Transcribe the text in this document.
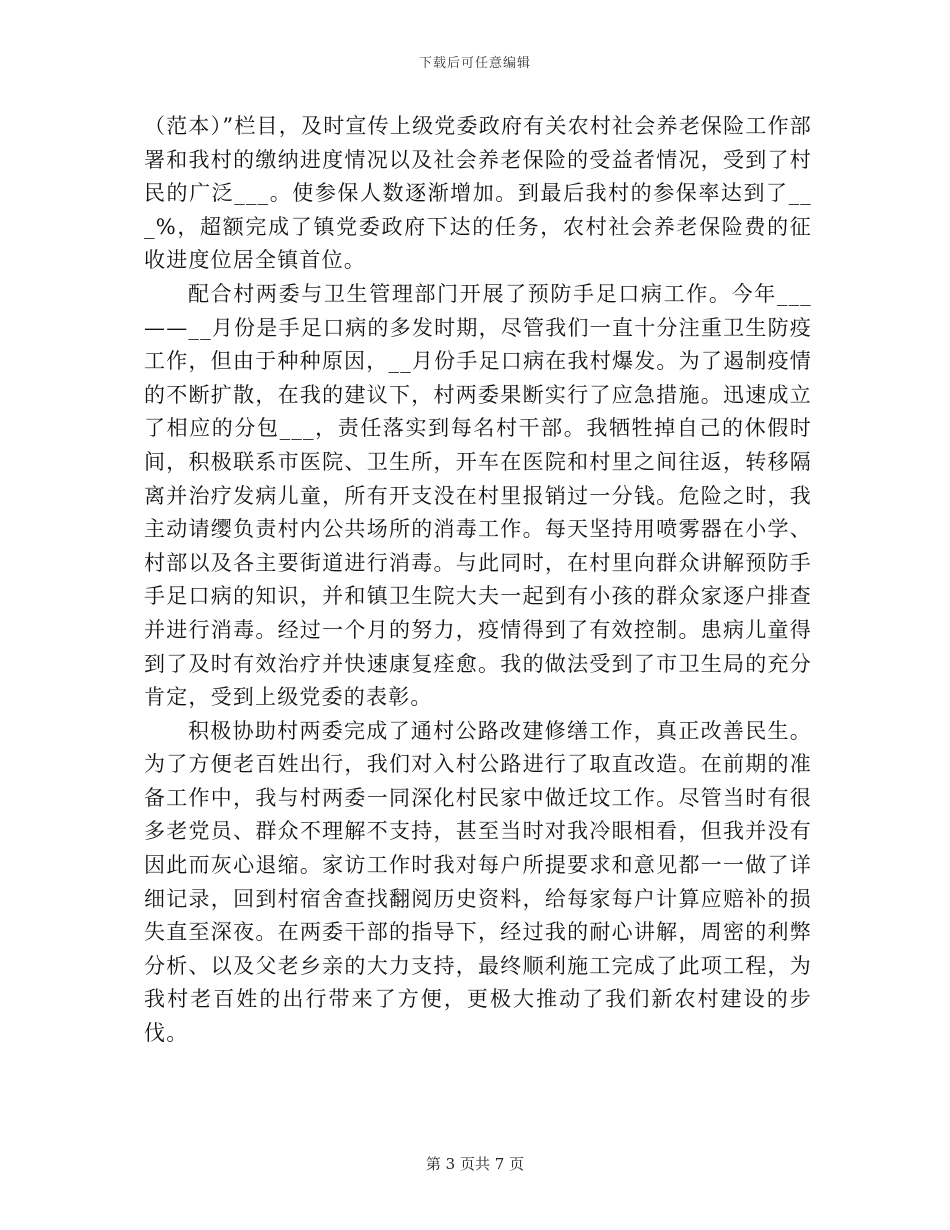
下载后可任意编辑

（范本）”栏目，及时宣传上级党委政府有关农村社会养老保险工作部署和我村的缴纳进度情况以及社会养老保险的受益者情况，受到了村民的广泛___。使参保人数逐渐增加。到最后我村的参保率达到了___%，超额完成了镇党委政府下达的任务，农村社会养老保险费的征收进度位居全镇首位。

配合村两委与卫生管理部门开展了预防手足口病工作。今年___——__月份是手足口病的多发时期，尽管我们一直十分注重卫生防疫工作，但由于种种原因，__月份手足口病在我村爆发。为了遏制疫情的不断扩散，在我的建议下，村两委果断实行了应急措施。迅速成立了相应的分包___，责任落实到每名村干部。我牺牲掉自己的休假时间，积极联系市医院、卫生所，开车在医院和村里之间往返，转移隔离并治疗发病儿童，所有开支没在村里报销过一分钱。危险之时，我主动请缨负责村内公共场所的消毒工作。每天坚持用喷雾器在小学、村部以及各主要街道进行消毒。与此同时，在村里向群众讲解预防手手足口病的知识，并和镇卫生院大夫一起到有小孩的群众家逐户排查并进行消毒。经过一个月的努力，疫情得到了有效控制。患病儿童得到了及时有效治疗并快速康复痊愈。我的做法受到了市卫生局的充分肯定，受到上级党委的表彰。

积极协助村两委完成了通村公路改建修缮工作，真正改善民生。为了方便老百姓出行，我们对入村公路进行了取直改造。在前期的准备工作中，我与村两委一同深化村民家中做迁坟工作。尽管当时有很多老党员、群众不理解不支持，甚至当时对我冷眼相看，但我并没有因此而灰心退缩。家访工作时我对每户所提要求和意见都一一做了详细记录，回到村宿舍查找翻阅历史资料，给每家每户计算应赔补的损失直至深夜。在两委干部的指导下，经过我的耐心讲解，周密的利弊分析、以及父老乡亲的大力支持，最终顺利施工完成了此项工程，为我村老百姓的出行带来了方便，更极大推动了我们新农村建设的步伐。

第 3 页共 7 页
